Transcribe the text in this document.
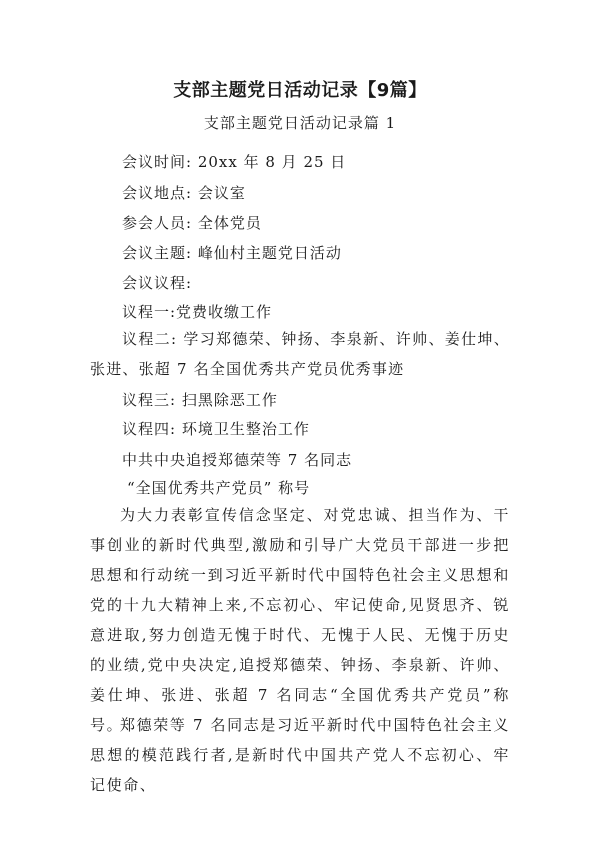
支部主题党日活动记录【9篇】
支部主题党日活动记录篇 1
会议时间: 20xx 年 8 月 25 日
会议地点: 会议室
参会人员: 全体党员
会议主题: 峰仙村主题党日活动
会议议程:
议程一:党费收缴工作
议程二: 学习郑德荣、钟扬、李泉新、许帅、姜仕坤、张进、张超 7 名全国优秀共产党员优秀事迹
议程三: 扫黑除恶工作
议程四: 环境卫生整治工作
中共中央追授郑德荣等 7 名同志
“全国优秀共产党员” 称号
为大力表彰宣传信念坚定、对党忠诚、担当作为、干事创业的新时代典型,激励和引导广大党员干部进一步把思想和行动统一到习近平新时代中国特色社会主义思想和党的十九大精神上来,不忘初心、牢记使命,见贤思齐、锐意进取,努力创造无愧于时代、无愧于人民、无愧于历史的业绩,党中央决定,追授郑德荣、钟扬、李泉新、许帅、姜仕坤、张进、张超 7 名同志“全国优秀共产党员”称号。
郑德荣等 7 名同志是习近平新时代中国特色社会主义思想的模范践行者,是新时代中国共产党人不忘初心、牢记使命、
